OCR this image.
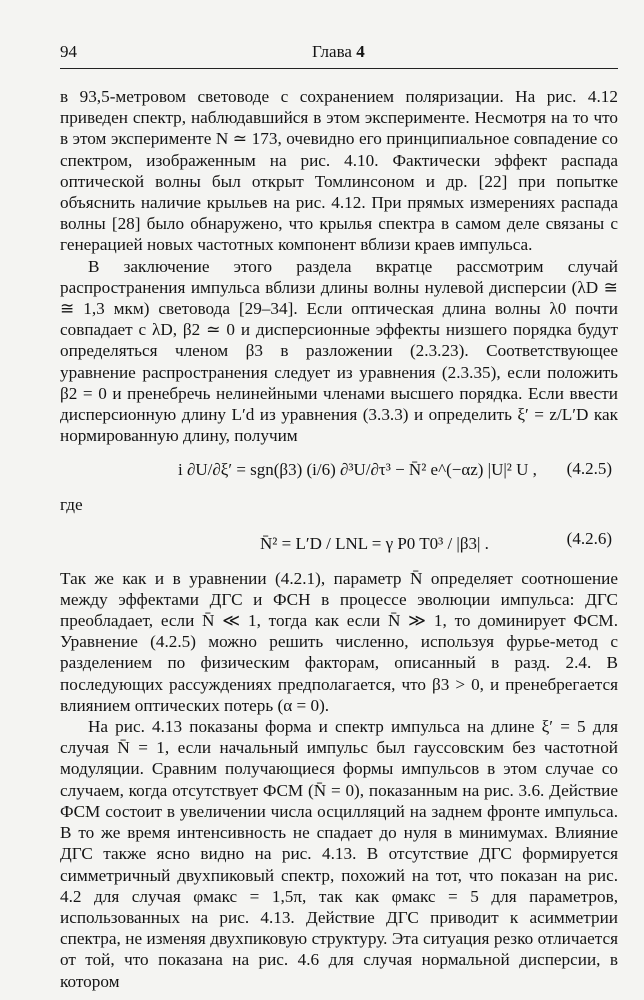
94	Глава 4

в 93,5-метровом световоде с сохранением поляризации. На рис. 4.12 приведен спектр, наблюдавшийся в этом эксперименте. Несмотря на то что в этом эксперименте N ≃ 173, очевидно его принципиальное совпадение со спектром, изображенным на рис. 4.10. Фактически эффект распада оптической волны был открыт Томлинсоном и др. [22] при попытке объяснить наличие крыльев на рис. 4.12. При прямых измерениях распада волны [28] было обнаружено, что крылья спектра в самом деле связаны с генерацией новых частотных компонент вблизи краев импульса.

В заключение этого раздела вкратце рассмотрим случай распространения импульса вблизи длины волны нулевой дисперсии (λD ≅ ≅ 1,3 мкм) световода [29–34]. Если оптическая длина волны λ0 почти совпадает с λD, β2 ≃ 0 и дисперсионные эффекты низшего порядка будут определяться членом β3 в разложении (2.3.23). Соответствующее уравнение распространения следует из уравнения (2.3.35), если положить β2 = 0 и пренебречь нелинейными членами высшего порядка. Если ввести дисперсионную длину L′d из уравнения (3.3.3) и определить ξ′ = z/L′D как нормированную длину, получим

i ∂U/∂ξ′ = sgn(β3) (i/6) ∂³U/∂τ³ − N̄² e^(−αz) |U|² U , (4.2.5)

где

N̄² = L′D / LNL = γ P0 T0³ / |β3| .	(4.2.6)

Так же как и в уравнении (4.2.1), параметр N̄ определяет соотношение между эффектами ДГС и ФСН в процессе эволюции импульса: ДГС преобладает, если N̄ ≪ 1, тогда как если N̄ ≫ 1, то доминирует ФСМ. Уравнение (4.2.5) можно решить численно, используя фурье-метод с разделением по физическим факторам, описанный в разд. 2.4. В последующих рассуждениях предполагается, что β3 > 0, и пренебрегается влиянием оптических потерь (α = 0).

На рис. 4.13 показаны форма и спектр импульса на длине ξ′ = 5 для случая N̄ = 1, если начальный импульс был гауссовским без частотной модуляции. Сравним получающиеся формы импульсов в этом случае со случаем, когда отсутствует ФСМ (N̄ = 0), показанным на рис. 3.6. Действие ФСМ состоит в увеличении числа осцилляций на заднем фронте импульса. В то же время интенсивность не спадает до нуля в минимумах. Влияние ДГС также ясно видно на рис. 4.13. В отсутствие ДГС формируется симметричный двухпиковый спектр, похожий на тот, что показан на рис. 4.2 для случая φмакс = 1,5π, так как φмакс = 5 для параметров, использованных на рис. 4.13. Действие ДГС приводит к асимметрии спектра, не изменяя двухпиковую структуру. Эта ситуация резко отличается от той, что показана на рис. 4.6 для случая нормальной дисперсии, в котором
